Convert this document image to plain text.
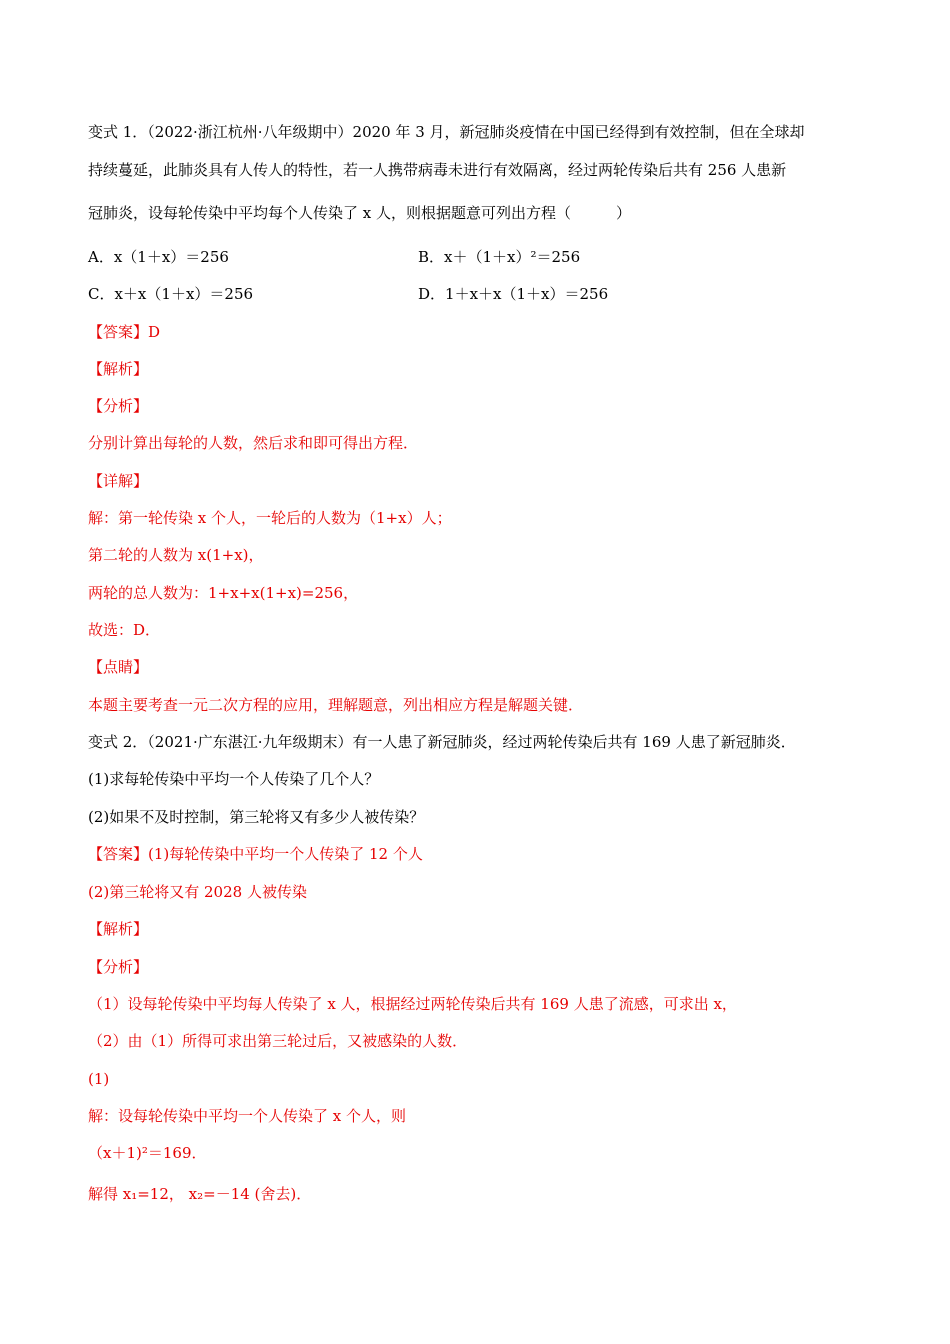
变式 1．（2022·浙江杭州·八年级期中）2020 年 3 月，新冠肺炎疫情在中国已经得到有效控制，但在全球却
持续蔓延，此肺炎具有人传人的特性，若一人携带病毒未进行有效隔离，经过两轮传染后共有 256 人患新
冠肺炎，设每轮传染中平均每个人传染了 x 人，则根据题意可列出方程（　　　）
A．x（1＋x）＝256	B．x＋（1＋x）²＝256
C．x＋x（1＋x）＝256	D．1＋x＋x（1＋x）＝256
【答案】D
【解析】
【分析】
分别计算出每轮的人数，然后求和即可得出方程．
【详解】
解：第一轮传染 x 个人，一轮后的人数为（1+x）人；
第二轮的人数为 x(1+x)，
两轮的总人数为：1+x+x(1+x)=256，
故选：D．
【点睛】
本题主要考查一元二次方程的应用，理解题意，列出相应方程是解题关键．
变式 2．（2021·广东湛江·九年级期末）有一人患了新冠肺炎，经过两轮传染后共有 169 人患了新冠肺炎．
(1)求每轮传染中平均一个人传染了几个人？
(2)如果不及时控制，第三轮将又有多少人被传染？
【答案】(1)每轮传染中平均一个人传染了 12 个人
(2)第三轮将又有 2028 人被传染
【解析】
【分析】
（1）设每轮传染中平均每人传染了 x 人，根据经过两轮传染后共有 169 人患了流感，可求出 x，
（2）由（1）所得可求出第三轮过后，又被感染的人数．
(1)
解：设每轮传染中平均一个人传染了 x 个人，则
（x＋1)²＝169．
解得 x₁=12， x₂=－14 (舍去)．
